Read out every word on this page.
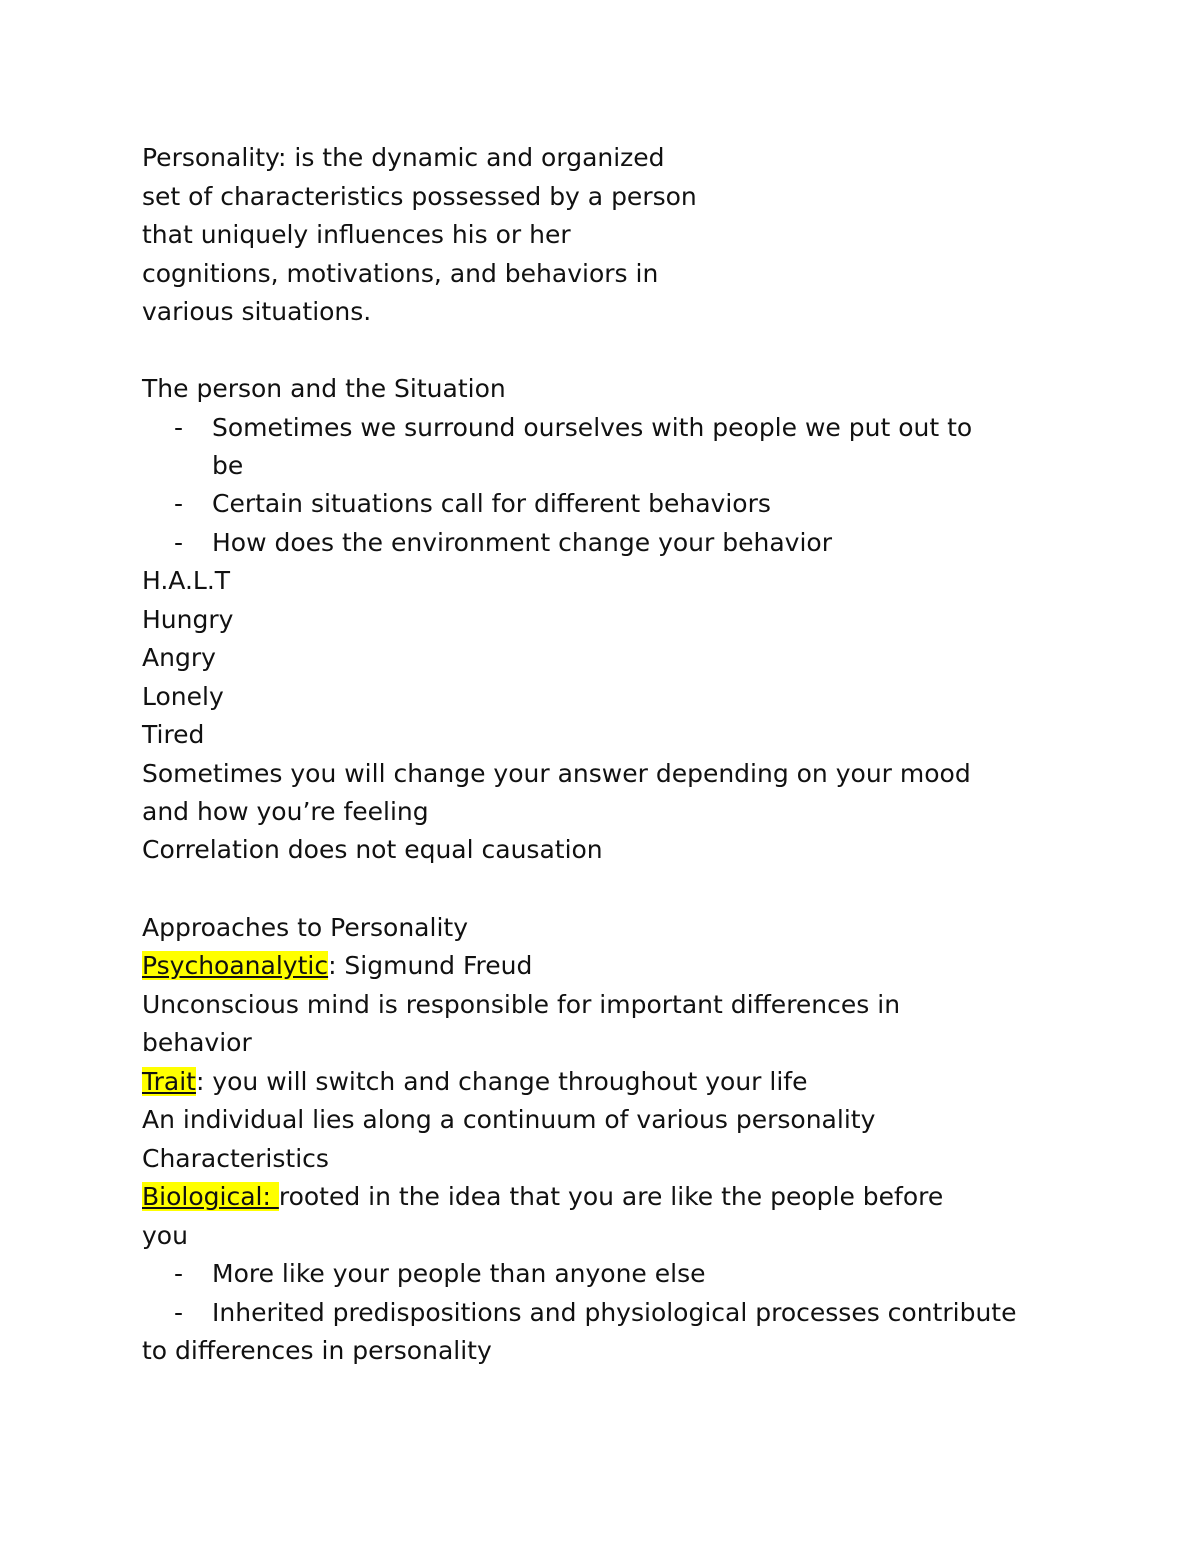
Personality: is the dynamic and organized
set of characteristics possessed by a person
that uniquely influences his or her
cognitions, motivations, and behaviors in
various situations.
The person and the Situation
- Sometimes we surround ourselves with people we put out to
be
- Certain situations call for different behaviors
- How does the environment change your behavior
H.A.L.T
Hungry
Angry
Lonely
Tired
Sometimes you will change your answer depending on your mood
and how you’re feeling
Correlation does not equal causation
Approaches to Personality
Psychoanalytic: Sigmund Freud
Unconscious mind is responsible for important differences in
behavior
Trait: you will switch and change throughout your life
An individual lies along a continuum of various personality
Characteristics
Biological: rooted in the idea that you are like the people before
you
- More like your people than anyone else
- Inherited predispositions and physiological processes contribute
to differences in personality
